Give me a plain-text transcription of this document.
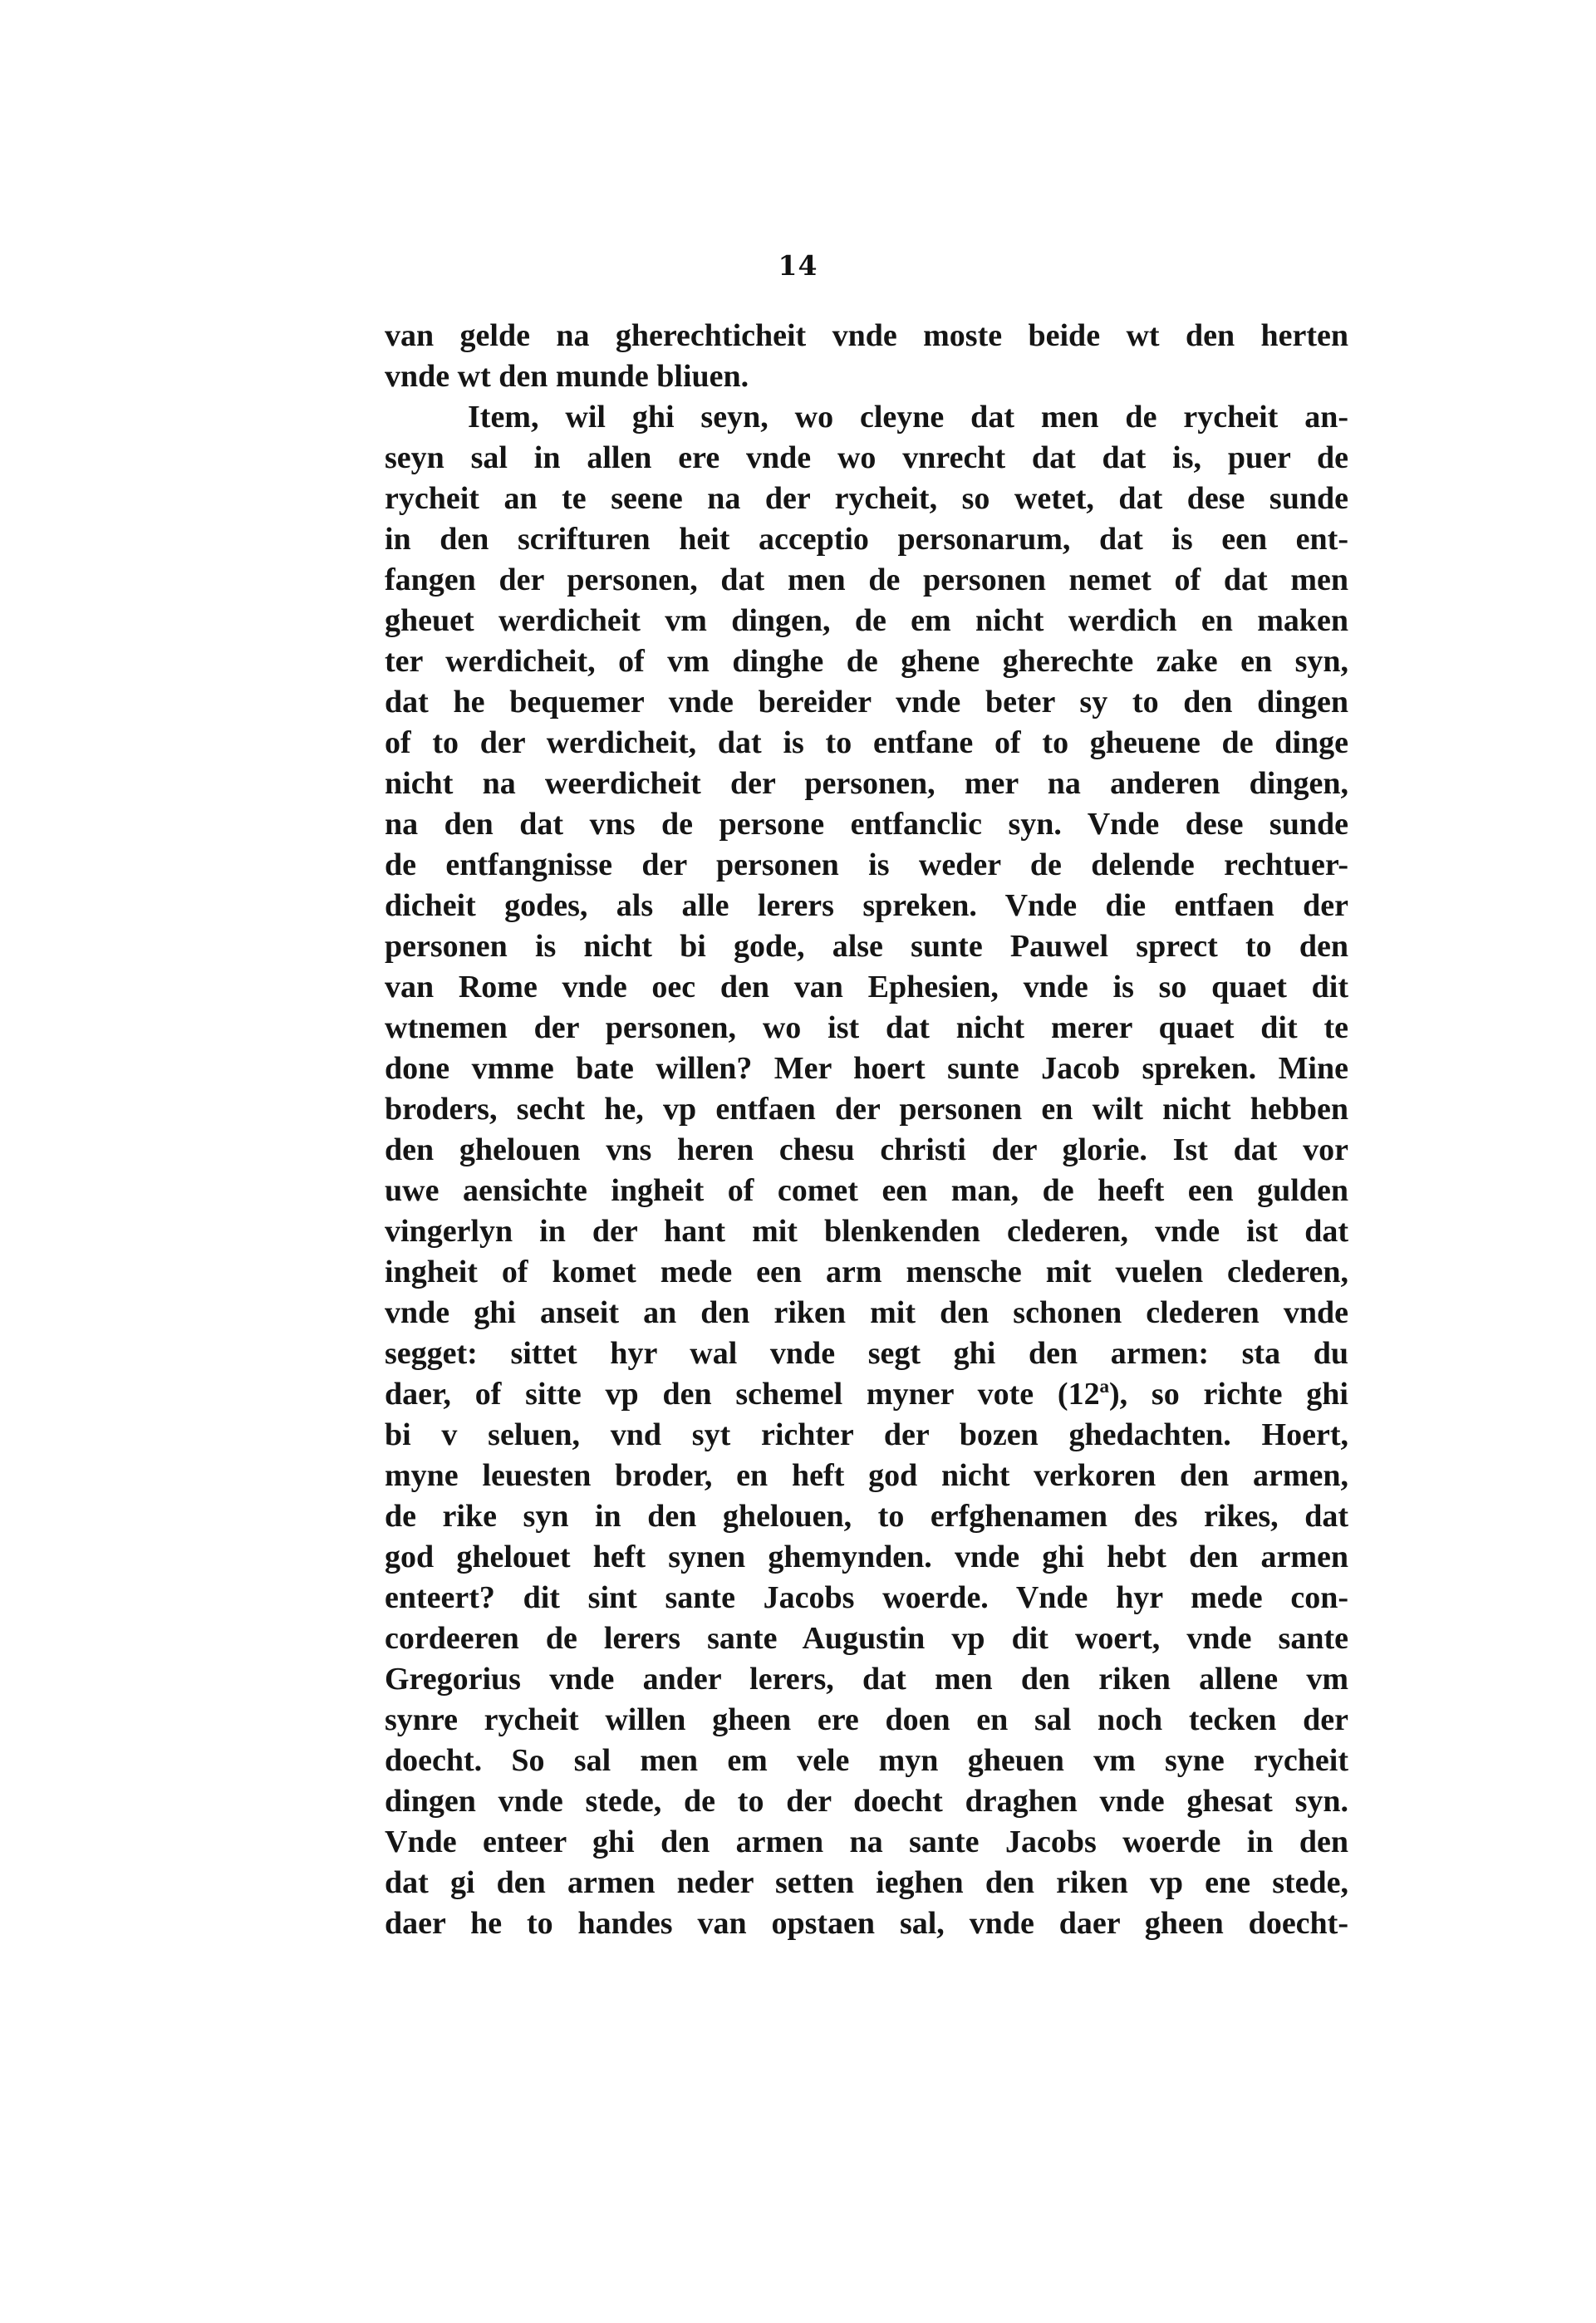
14
van gelde na gherechticheit vnde moste beide wt den herten
vnde wt den munde bliuen.
Item, wil ghi seyn, wo cleyne dat men de rycheit an-
seyn sal in allen ere vnde wo vnrecht dat dat is, puer de
rycheit an te seene na der rycheit, so wetet, dat dese sunde
in den scrifturen heit acceptio personarum, dat is een ent-
fangen der personen, dat men de personen nemet of dat men
gheuet werdicheit vm dingen, de em nicht werdich en maken
ter werdicheit, of vm dinghe de ghene gherechte zake en syn,
dat he bequemer vnde bereider vnde beter sy to den dingen
of to der werdicheit, dat is to entfane of to gheuene de dinge
nicht na weerdicheit der personen, mer na anderen dingen,
na den dat vns de persone entfanclic syn. Vnde dese sunde
de entfangnisse der personen is weder de delende rechtuer-
dicheit godes, als alle lerers spreken. Vnde die entfaen der
personen is nicht bi gode, alse sunte Pauwel sprect to den
van Rome vnde oec den van Ephesien, vnde is so quaet dit
wtnemen der personen, wo ist dat nicht merer quaet dit te
done vmme bate willen? Mer hoert sunte Jacob spreken. Mine
broders, secht he, vp entfaen der personen en wilt nicht hebben
den ghelouen vns heren chesu christi der glorie. Ist dat vor
uwe aensichte ingheit of comet een man, de heeft een gulden
vingerlyn in der hant mit blenkenden clederen, vnde ist dat
ingheit of komet mede een arm mensche mit vuelen clederen,
vnde ghi anseit an den riken mit den schonen clederen vnde
segget: sittet hyr wal vnde segt ghi den armen: sta du
daer, of sitte vp den schemel myner vote (12ª), so richte ghi
bi v seluen, vnd syt richter der bozen ghedachten. Hoert,
myne leuesten broder, en heft god nicht verkoren den armen,
de rike syn in den ghelouen, to erfghenamen des rikes, dat
god ghelouet heft synen ghemynden. vnde ghi hebt den armen
enteert? dit sint sante Jacobs woerde. Vnde hyr mede con-
cordeeren de lerers sante Augustin vp dit woert, vnde sante
Gregorius vnde ander lerers, dat men den riken allene vm
synre rycheit willen gheen ere doen en sal noch tecken der
doecht. So sal men em vele myn gheuen vm syne rycheit
dingen vnde stede, de to der doecht draghen vnde ghesat syn.
Vnde enteer ghi den armen na sante Jacobs woerde in den
dat gi den armen neder setten ieghen den riken vp ene stede,
daer he to handes van opstaen sal, vnde daer gheen doecht-
